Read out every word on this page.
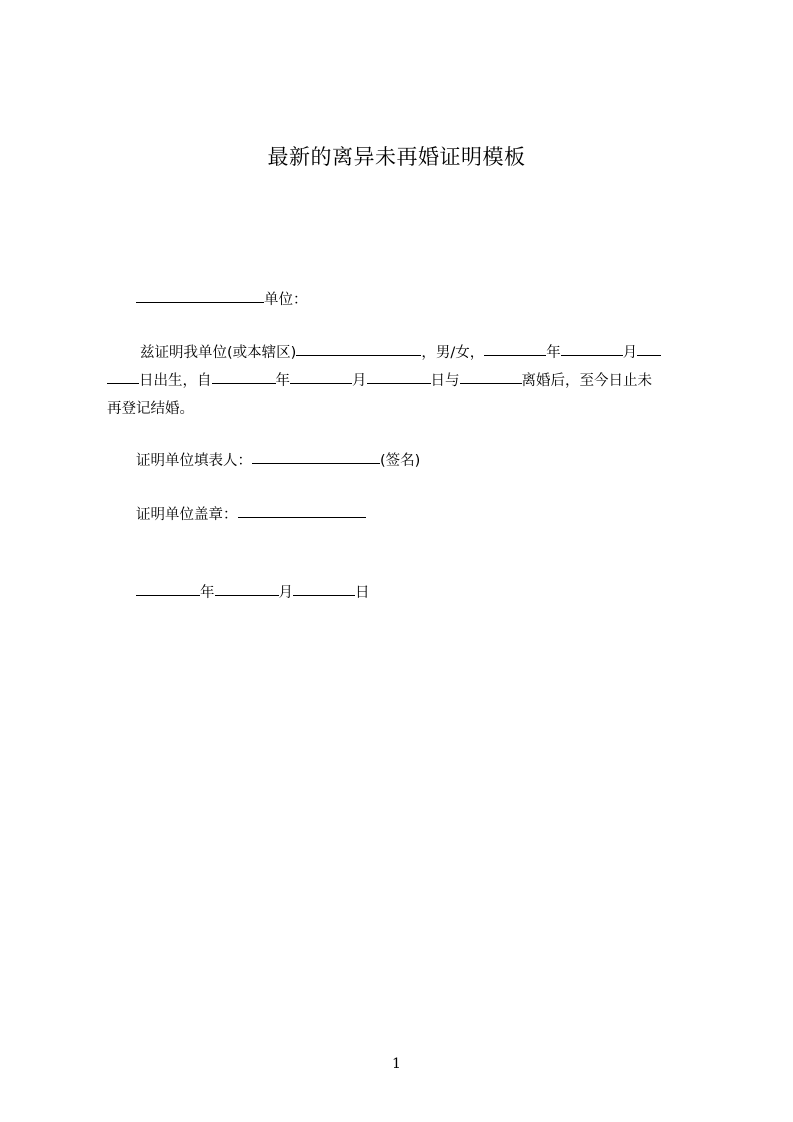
最新的离异未再婚证明模板
单位：
兹证明我单位(或本辖区)	，男/女，	年	月
日出生，自	年	月	日与	离婚后，至今日止未
再登记结婚。
证明单位填表人：	(签名)
证明单位盖章：
年	月	日
1
